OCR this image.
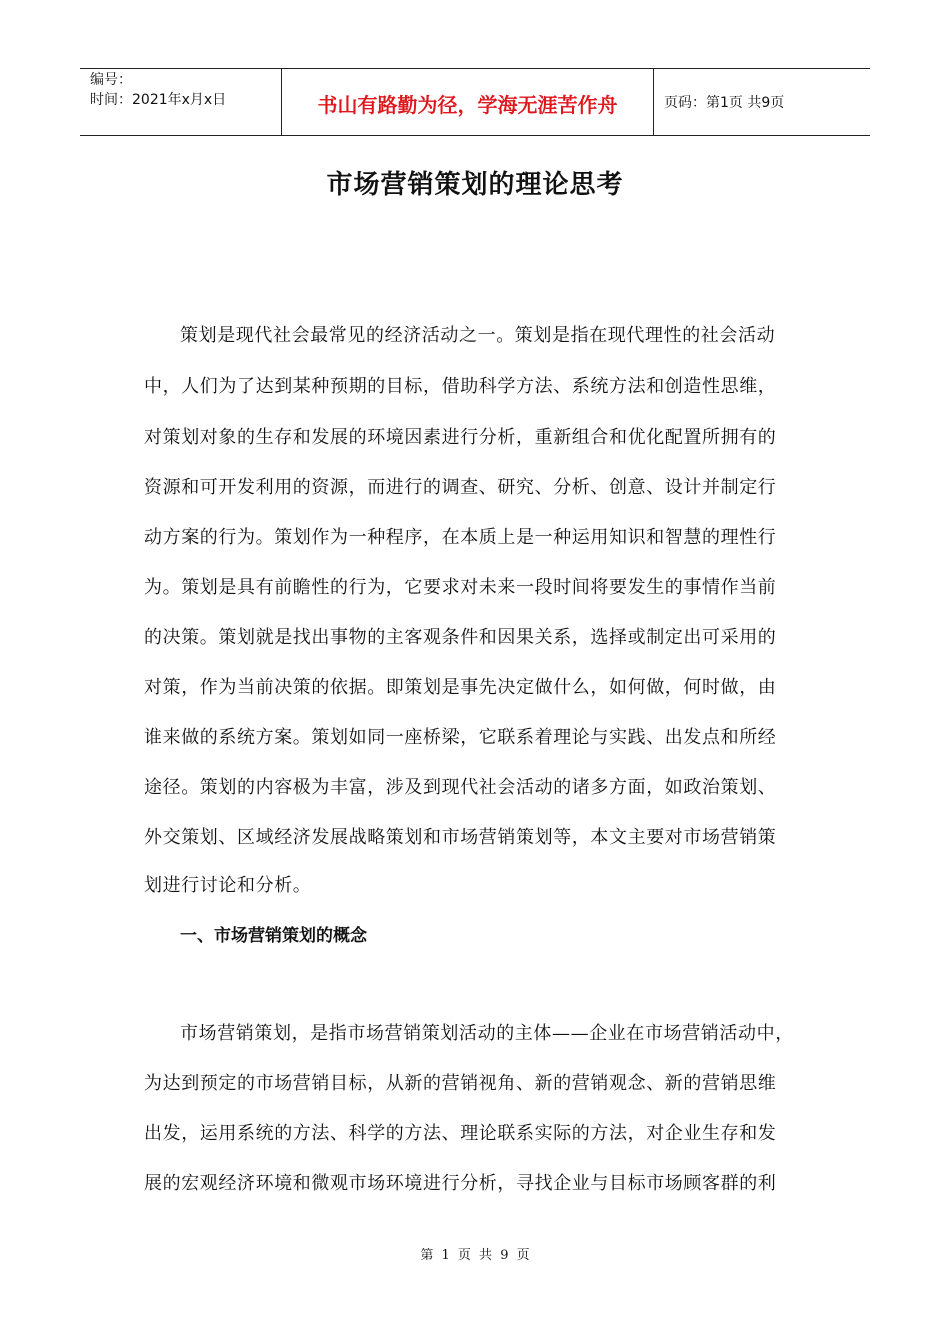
编号：
时间：2021年x月x日	书山有路勤为径，学海无涯苦作舟	页码：第1页 共9页
市场营销策划的理论思考
策划是现代社会最常见的经济活动之一。策划是指在现代理性的社会活动
中，人们为了达到某种预期的目标，借助科学方法、系统方法和创造性思维，
对策划对象的生存和发展的环境因素进行分析，重新组合和优化配置所拥有的
资源和可开发利用的资源，而进行的调查、研究、分析、创意、设计并制定行
动方案的行为。策划作为一种程序，在本质上是一种运用知识和智慧的理性行
为。策划是具有前瞻性的行为，它要求对未来一段时间将要发生的事情作当前
的决策。策划就是找出事物的主客观条件和因果关系，选择或制定出可采用的
对策，作为当前决策的依据。即策划是事先决定做什么，如何做，何时做，由
谁来做的系统方案。策划如同一座桥梁，它联系着理论与实践、出发点和所经
途径。策划的内容极为丰富，涉及到现代社会活动的诸多方面，如政治策划、
外交策划、区域经济发展战略策划和市场营销策划等，本文主要对市场营销策
划进行讨论和分析。
一、市场营销策划的概念
市场营销策划，是指市场营销策划活动的主体——企业在市场营销活动中，
为达到预定的市场营销目标，从新的营销视角、新的营销观念、新的营销思维
出发，运用系统的方法、科学的方法、理论联系实际的方法，对企业生存和发
展的宏观经济环境和微观市场环境进行分析，寻找企业与目标市场顾客群的利
第 1 页 共 9 页
